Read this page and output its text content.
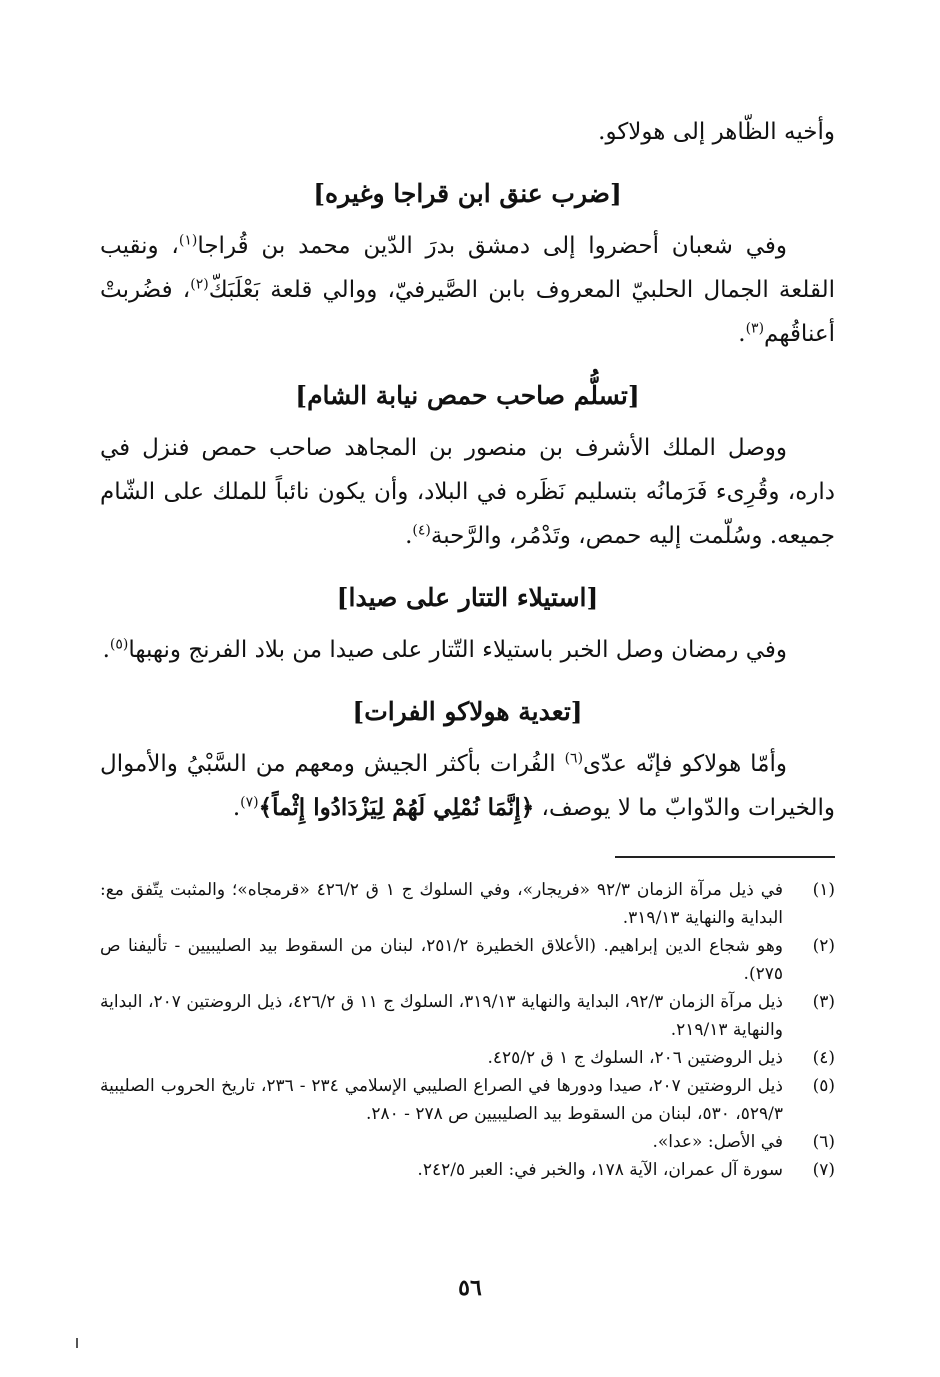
وأخيه الظّاهر إلى هولاكو.

[ضرب عنق ابن قراجا وغيره]

وفي شعبان أحضروا إلى دمشق بدرَ الدّين محمد بن قُراجا$^{(١)}$، ونقيب القلعة الجمال الحلبيّ المعروف بابن الصَّيرفيّ، ووالي قلعة بَعْلَبَكّ$^{(٢)}$، فضُربتْ أعناقُهم$^{(٣)}$.

[تسلُّم صاحب حمص نيابة الشام]

ووصل الملك الأشرف بن منصور بن المجاهد صاحب حمص فنزل في داره، وقُرِىء فَرَمانُه بتسليم نَظَره في البلاد، وأن يكون نائباً للملك على الشّام جميعه. وسُلّمت إليه حمص، وتَدْمُر، والرَّحبة$^{(٤)}$.

[استيلاء التتار على صيدا]

وفي رمضان وصل الخبر باستيلاء التّتار على صيدا من بلاد الفرنج ونهبها$^{(٥)}$.

[تعدية هولاكو الفرات]

وأمّا هولاكو فإنّه عدّى$^{(٦)}$ الفُرات بأكثر الجيش ومعهم من السَّبْيُ والأموال والخيرات والدّوابّ ما لا يوصف، ﴿إِنَّمَا نُمْلِي لَهُمْ لِيَزْدَادُوا إِثْماً﴾$^{(٧)}$.

(١)
في ذيل مرآة الزمان ٩٢/٣ «فريجار»، وفي السلوك ج ١ ق ٤٢٦/٢ «قرمجاه»؛ والمثبت يتّفق مع: البداية والنهاية ٣١٩/١٣.
(٢)
وهو شجاع الدين إبراهيم. (الأعلاق الخطيرة ٢٥١/٢، لبنان من السقوط بيد الصليبيين - تأليفنا ص ٢٧٥).
(٣)
ذيل مرآة الزمان ٩٢/٣، البداية والنهاية ٣١٩/١٣، السلوك ج ١١ ق ٤٢٦/٢، ذيل الروضتين ٢٠٧، البداية والنهاية ٢١٩/١٣.
(٤)
ذيل الروضتين ٢٠٦، السلوك ج ١ ق ٤٢٥/٢.
(٥)
ذيل الروضتين ٢٠٧، صيدا ودورها في الصراع الصليبي الإسلامي ٢٣٤ - ٢٣٦، تاريخ الحروب الصليبية ٥٢٩/٣، ٥٣٠، لبنان من السقوط بيد الصليبيين ص ٢٧٨ - ٢٨٠.
(٦)
في الأصل: «عدا».
(٧)
سورة آل عمران، الآية ١٧٨، والخبر في: العبر ٢٤٢/٥.
٥٦
